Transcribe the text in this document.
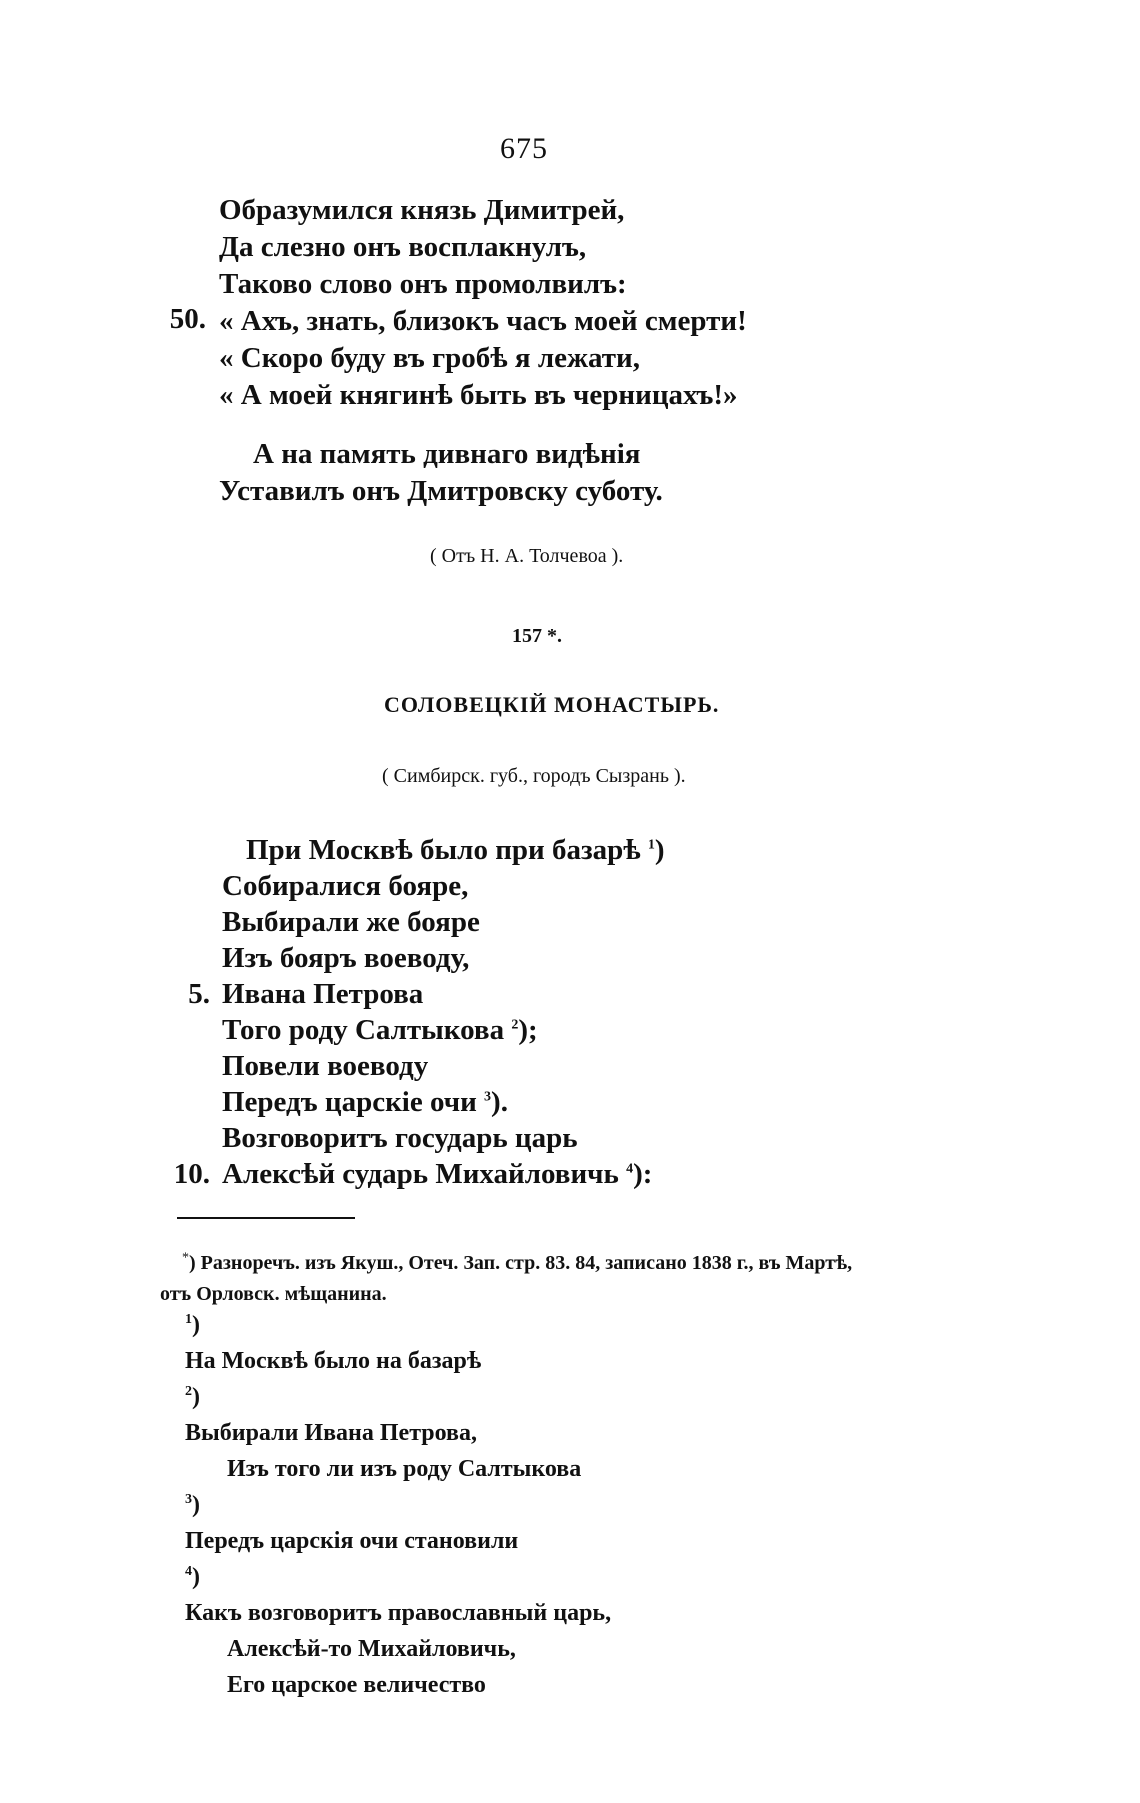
675
Образумился князь Димитрей,
Да слезно онъ восплакнулъ,
Таково слово онъ промолвилъ:
« Ахъ, знать, близокъ часъ моей смерти!
« Скоро буду въ гробѣ я лежати,
« А моей княгинѣ быть въ черницахъ!»
50.
А на память дивнаго видѣнія
Уставилъ онъ Дмитровску суботу.
( Отъ Н. А. Толчевоа ).
157 *.
СОЛОВЕЦКІЙ МОНАСТЫРЬ.
( Симбирск. губ., городъ Сызрань ).
При Москвѣ было при базарѣ $^1$)
Собиралися бояре,
Выбирали же бояре
Изъ бояръ воеводу,
5. Ивана Петрова
Того роду Салтыкова $^2$);
Повели воеводу
Передъ царскіе очи $^3$).
Возговоритъ государь царь
10. Алексѣй сударь Михайловичь $^4$):
*) Разноречъ. изъ Якуш., Отеч. Зап. стр. 83. 84, записано 1838 г., въ Мартѣ,
отъ Орловск. мѣщанина.
$^1$)
На Москвѣ было на базарѣ
$^2$)
Выбирали Ивана Петрова,
Изъ того ли изъ роду Салтыкова
$^3$)
Передъ царскія очи становили
$^4$)
Какъ возговоритъ православный царь,
Алексѣй-то Михайловичь,
Его царское величество
